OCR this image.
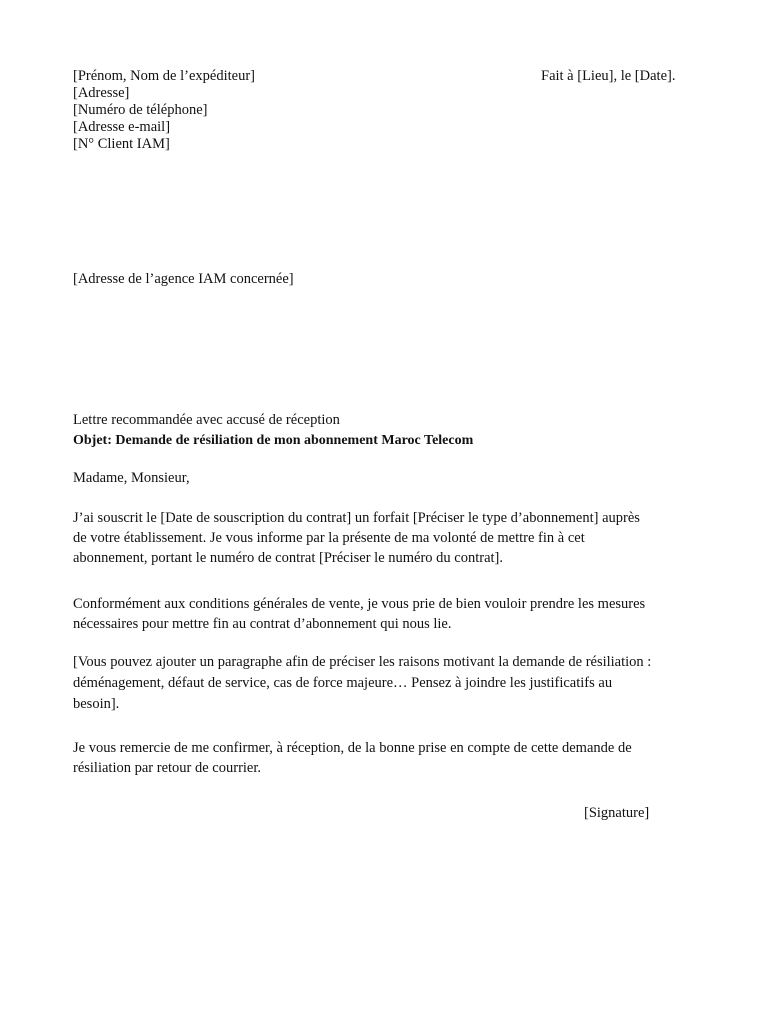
[Prénom, Nom de l’expéditeur]
[Adresse]
[Numéro de téléphone]
[Adresse e-mail]
[N° Client IAM]
Fait à [Lieu], le [Date].
[Adresse de l’agence IAM concernée]
Lettre recommandée avec accusé de réception
Objet: Demande de résiliation de mon abonnement Maroc Telecom
Madame, Monsieur,
J’ai souscrit le [Date de souscription du contrat] un forfait [Préciser le type d’abonnement] auprès
de votre établissement. Je vous informe par la présente de ma volonté de mettre fin à cet
abonnement, portant le numéro de contrat [Préciser le numéro du contrat].
Conformément aux conditions générales de vente, je vous prie de bien vouloir prendre les mesures
nécessaires pour mettre fin au contrat d’abonnement qui nous lie.
[Vous pouvez ajouter un paragraphe afin de préciser les raisons motivant la demande de résiliation :
déménagement, défaut de service, cas de force majeure… Pensez à joindre les justificatifs au
besoin].
Je vous remercie de me confirmer, à réception, de la bonne prise en compte de cette demande de
résiliation par retour de courrier.
[Signature]
